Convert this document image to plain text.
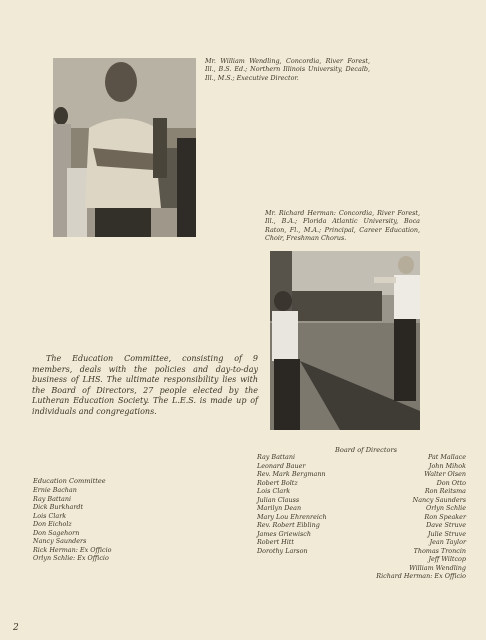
Mr. William Wendling, Concordia, River Forest, Ill., B.S. Ed.; Northern Illinois University, Decalb, Ill., M.S.; Executive Director.

Mr. Richard Herman: Concordia, River Forest, Ill., B.A.; Florida Atlantic University, Boca Raton, Fl., M.A.; Principal, Career Education, Choir, Freshman Chorus.

The Education Committee, consisting of 9 members, deals with the policies and day-to-day business of LHS. The ultimate responsibility lies with the Board of Directors, 27 people elected by the Lutheran Education Society. The L.E.S. is made up of individuals and congregations.

Education Committee

Ernie Bachan
Ray Battani
Dick Burkhardt
Lois Clark
Don Eicholz
Don Sagehorn
Nancy Saunders
Rick Herman: Ex Officio
Orlyn Schlie: Ex Officio

Board of Directors

Ray Battani
Leonard Bauer
Rev. Mark Bergmann
Robert Boltz
Lois Clark
Julian Clauss
Marilyn Dean
Mary Lou Ehrenreich
Rev. Robert Eibling
James Griewisch
Robert Hitt
Dorothy Larson
Pat Mallace
John Mihok
Walter Olsen
Don Otto
Ron Reitsma
Nancy Saunders
Orlyn Schlie
Ron Speaker
Dave Struve
Julie Struve
Jean Taylor
Thomas Troncin
Jeff Wiltcop
William Wendling
Richard Herman: Ex Officio
2
